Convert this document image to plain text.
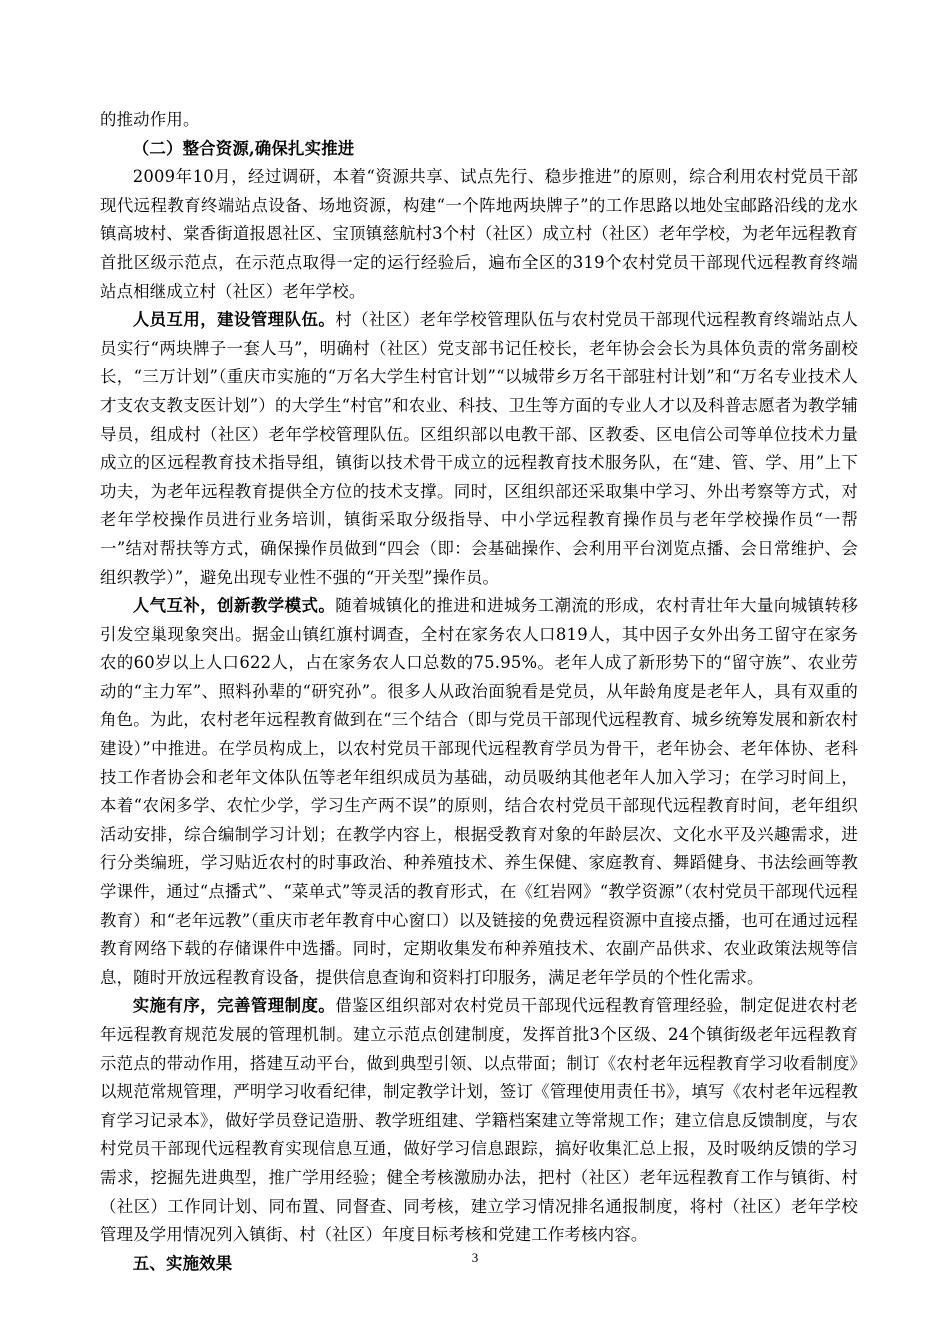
的推动作用。

（二）整合资源,确保扎实推进

2009年10月，经过调研，本着“资源共享、试点先行、稳步推进”的原则，综合利用农村党员干部现代远程教育终端站点设备、场地资源，构建“一个阵地两块牌子”的工作思路以地处宝邮路沿线的龙水镇高坡村、棠香街道报恩社区、宝顶镇慈航村3个村（社区）成立村（社区）老年学校，为老年远程教育首批区级示范点，在示范点取得一定的运行经验后，遍布全区的319个农村党员干部现代远程教育终端站点相继成立村（社区）老年学校。

人员互用，建设管理队伍。村（社区）老年学校管理队伍与农村党员干部现代远程教育终端站点人员实行“两块牌子一套人马”，明确村（社区）党支部书记任校长，老年协会会长为具体负责的常务副校长，“三万计划”（重庆市实施的“万名大学生村官计划”“以城带乡万名干部驻村计划”和“万名专业技术人才支农支教支医计划”）的大学生“村官”和农业、科技、卫生等方面的专业人才以及科普志愿者为教学辅导员，组成村（社区）老年学校管理队伍。区组织部以电教干部、区教委、区电信公司等单位技术力量成立的区远程教育技术指导组，镇街以技术骨干成立的远程教育技术服务队，在“建、管、学、用”上下功夫，为老年远程教育提供全方位的技术支撑。同时，区组织部还采取集中学习、外出考察等方式，对老年学校操作员进行业务培训，镇街采取分级指导、中小学远程教育操作员与老年学校操作员“一帮一”结对帮扶等方式，确保操作员做到“四会（即：会基础操作、会利用平台浏览点播、会日常维护、会组织教学）”，避免出现专业性不强的“开关型”操作员。

人气互补，创新教学模式。随着城镇化的推进和进城务工潮流的形成，农村青壮年大量向城镇转移引发空巢现象突出。据金山镇红旗村调查，全村在家务农人口819人，其中因子女外出务工留守在家务农的60岁以上人口622人，占在家务农人口总数的75.95%。老年人成了新形势下的“留守族”、农业劳动的“主力军”、照料孙辈的“研究孙”。很多人从政治面貌看是党员，从年龄角度是老年人，具有双重的角色。为此，农村老年远程教育做到在“三个结合（即与党员干部现代远程教育、城乡统筹发展和新农村建设）”中推进。在学员构成上，以农村党员干部现代远程教育学员为骨干，老年协会、老年体协、老科技工作者协会和老年文体队伍等老年组织成员为基础，动员吸纳其他老年人加入学习；在学习时间上，本着“农闲多学、农忙少学，学习生产两不误”的原则，结合农村党员干部现代远程教育时间，老年组织活动安排，综合编制学习计划；在教学内容上，根据受教育对象的年龄层次、文化水平及兴趣需求，进行分类编班，学习贴近农村的时事政治、种养殖技术、养生保健、家庭教育、舞蹈健身、书法绘画等教学课件，通过“点播式”、“菜单式”等灵活的教育形式，在《红岩网》“教学资源”（农村党员干部现代远程教育）和“老年远教”（重庆市老年教育中心窗口）以及链接的免费远程资源中直接点播，也可在通过远程教育网络下载的存储课件中选播。同时，定期收集发布种养殖技术、农副产品供求、农业政策法规等信息，随时开放远程教育设备，提供信息查询和资料打印服务，满足老年学员的个性化需求。

实施有序，完善管理制度。借鉴区组织部对农村党员干部现代远程教育管理经验，制定促进农村老年远程教育规范发展的管理机制。建立示范点创建制度，发挥首批3个区级、24个镇街级老年远程教育示范点的带动作用，搭建互动平台，做到典型引领、以点带面；制订《农村老年远程教育学习收看制度》以规范常规管理，严明学习收看纪律，制定教学计划，签订《管理使用责任书》，填写《农村老年远程教育学习记录本》，做好学员登记造册、教学班组建、学籍档案建立等常规工作；建立信息反馈制度，与农村党员干部现代远程教育实现信息互通，做好学习信息跟踪，搞好收集汇总上报，及时吸纳反馈的学习需求，挖掘先进典型，推广学用经验；健全考核激励办法，把村（社区）老年远程教育工作与镇街、村（社区）工作同计划、同布置、同督查、同考核，建立学习情况排名通报制度，将村（社区）老年学校管理及学用情况列入镇街、村（社区）年度目标考核和党建工作考核内容。

五、实施效果	3
